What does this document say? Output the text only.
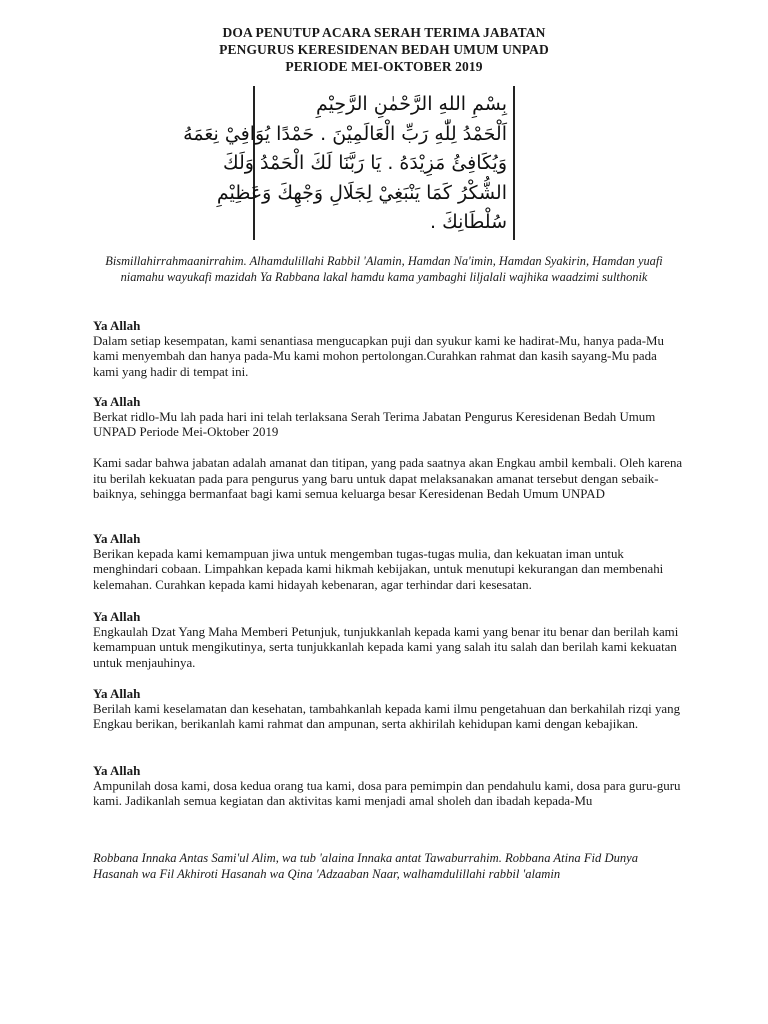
DOA PENUTUP ACARA SERAH TERIMA JABATAN
PENGURUS KERESIDENAN BEDAH UMUM UNPAD
PERIODE MEI-OKTOBER 2019
بِسْمِ اللهِ الرَّحْمٰنِ الرَّحِيْمِ
اَلْحَمْدُ لِلّٰهِ رَبِّ الْعَالَمِيْنَ . حَمْدًا يُوَافِيْ نِعَمَهُ
وَيُكَافِئُ مَزِيْدَهُ . يَا رَبَّنَا لَكَ الْحَمْدُ وَلَكَ
الشُّكْرُ كَمَا يَنْبَغِيْ لِجَلَالِ وَجْهِكَ وَعَظِيْمِ
سُلْطَانِكَ .
Bismillahirrahmaanirrahim. Alhamdulillahi Rabbil 'Alamin, Hamdan Na'imin, Hamdan Syakirin, Hamdan yuafi niamahu wayukafi mazidah Ya Rabbana lakal hamdu kama yambaghi liljalali wajhika waadzimi sulthonik
Ya Allah
Dalam setiap kesempatan, kami senantiasa mengucapkan puji dan syukur kami ke hadirat-Mu, hanya pada-Mu kami menyembah dan hanya pada-Mu kami mohon pertolongan.Curahkan rahmat dan kasih sayang-Mu pada kami yang hadir di tempat ini.
Ya Allah
Berkat ridlo-Mu lah pada hari ini telah terlaksana Serah Terima Jabatan Pengurus Keresidenan Bedah Umum UNPAD Periode Mei-Oktober 2019
Kami sadar bahwa jabatan adalah amanat dan titipan, yang pada saatnya akan Engkau ambil kembali. Oleh karena itu berilah kekuatan pada para pengurus yang baru untuk dapat melaksanakan amanat tersebut dengan sebaik-baiknya, sehingga bermanfaat bagi kami semua keluarga besar Keresidenan Bedah Umum UNPAD
Ya Allah
Berikan kepada kami kemampuan jiwa untuk mengemban tugas-tugas mulia, dan kekuatan iman untuk menghindari cobaan. Limpahkan kepada kami hikmah kebijakan, untuk menutupi kekurangan dan membenahi kelemahan. Curahkan kepada kami hidayah kebenaran, agar terhindar dari kesesatan.
Ya Allah
Engkaulah Dzat Yang Maha Memberi Petunjuk, tunjukkanlah kepada kami yang benar itu benar dan berilah kami kemampuan untuk mengikutinya, serta tunjukkanlah kepada kami yang salah itu salah dan berilah kami kekuatan untuk menjauhinya.
Ya Allah
Berilah kami keselamatan dan kesehatan, tambahkanlah kepada kami ilmu pengetahuan dan berkahilah rizqi yang Engkau berikan, berikanlah kami rahmat dan ampunan, serta akhirilah kehidupan kami dengan kebajikan.
Ya Allah
Ampunilah dosa kami, dosa kedua orang tua kami, dosa para pemimpin dan pendahulu kami, dosa para guru-guru kami. Jadikanlah semua kegiatan dan aktivitas kami menjadi amal sholeh dan ibadah kepada-Mu
Robbana Innaka Antas Sami'ul Alim, wa tub 'alaina Innaka antat Tawaburrahim. Robbana Atina Fid Dunya Hasanah wa Fil Akhiroti Hasanah wa Qina 'Adzaaban Naar, walhamdulillahi rabbil 'alamin
